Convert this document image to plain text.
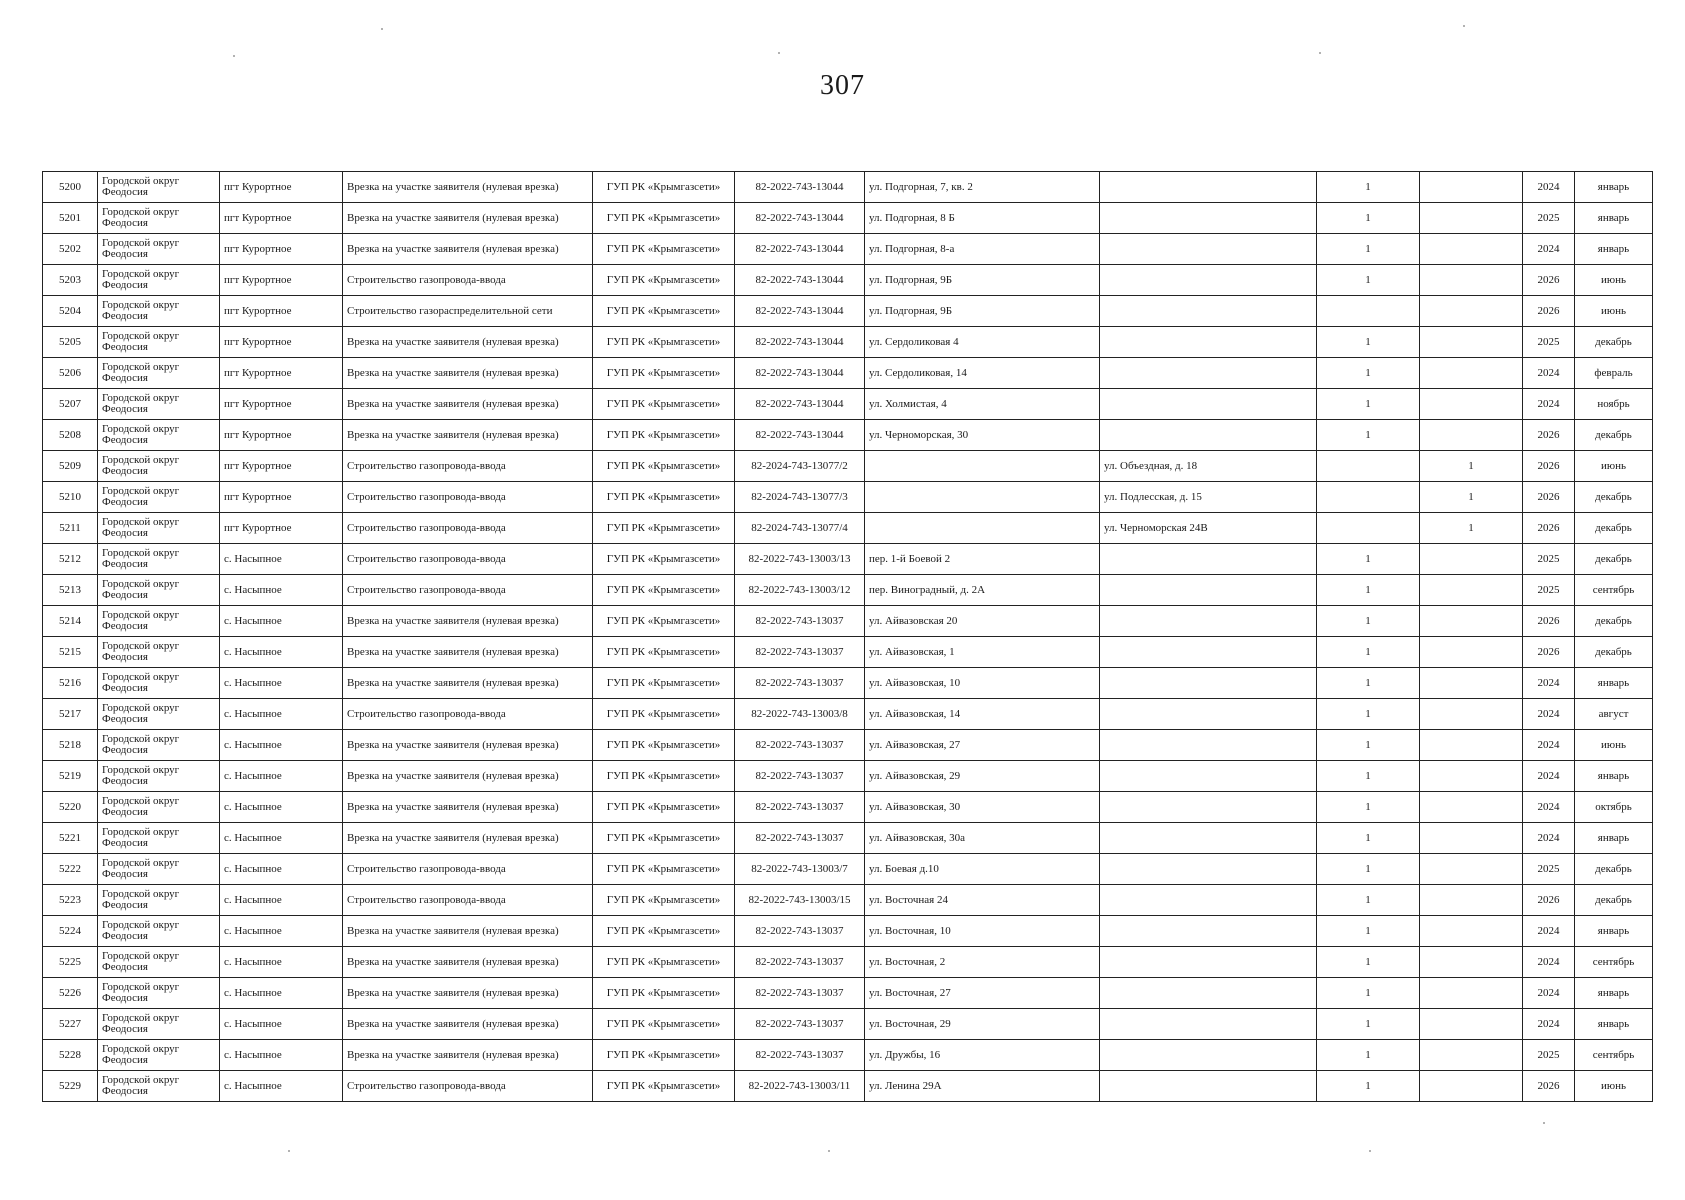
307
5200	Городской округ Феодосия	пгт Курортное	Врезка на участке заявителя (нулевая врезка)	ГУП РК «Крымгазсети»	82-2022-743-13044	ул. Подгорная, 7, кв. 2		1		2024	январь
5201	Городской округ Феодосия	пгт Курортное	Врезка на участке заявителя (нулевая врезка)	ГУП РК «Крымгазсети»	82-2022-743-13044	ул. Подгорная, 8 Б		1		2025	январь
5202	Городской округ Феодосия	пгт Курортное	Врезка на участке заявителя (нулевая врезка)	ГУП РК «Крымгазсети»	82-2022-743-13044	ул. Подгорная, 8-а		1		2024	январь
5203	Городской округ Феодосия	пгт Курортное	Строительство газопровода-ввода	ГУП РК «Крымгазсети»	82-2022-743-13044	ул. Подгорная, 9Б		1		2026	июнь
5204	Городской округ Феодосия	пгт Курортное	Строительство газораспределительной сети	ГУП РК «Крымгазсети»	82-2022-743-13044	ул. Подгорная, 9Б				2026	июнь
5205	Городской округ Феодосия	пгт Курортное	Врезка на участке заявителя (нулевая врезка)	ГУП РК «Крымгазсети»	82-2022-743-13044	ул. Сердоликовая 4		1		2025	декабрь
5206	Городской округ Феодосия	пгт Курортное	Врезка на участке заявителя (нулевая врезка)	ГУП РК «Крымгазсети»	82-2022-743-13044	ул. Сердоликовая, 14		1		2024	февраль
5207	Городской округ Феодосия	пгт Курортное	Врезка на участке заявителя (нулевая врезка)	ГУП РК «Крымгазсети»	82-2022-743-13044	ул. Холмистая, 4		1		2024	ноябрь
5208	Городской округ Феодосия	пгт Курортное	Врезка на участке заявителя (нулевая врезка)	ГУП РК «Крымгазсети»	82-2022-743-13044	ул. Черноморская, 30		1		2026	декабрь
5209	Городской округ Феодосия	пгт Курортное	Строительство газопровода-ввода	ГУП РК «Крымгазсети»	82-2024-743-13077/2		ул. Объездная, д. 18		1	2026	июнь
5210	Городской округ Феодосия	пгт Курортное	Строительство газопровода-ввода	ГУП РК «Крымгазсети»	82-2024-743-13077/3		ул. Подлесская, д. 15		1	2026	декабрь
5211	Городской округ Феодосия	пгт Курортное	Строительство газопровода-ввода	ГУП РК «Крымгазсети»	82-2024-743-13077/4		ул. Черноморская 24В		1	2026	декабрь
5212	Городской округ Феодосия	с. Насыпное	Строительство газопровода-ввода	ГУП РК «Крымгазсети»	82-2022-743-13003/13	пер. 1-й Боевой 2		1		2025	декабрь
5213	Городской округ Феодосия	с. Насыпное	Строительство газопровода-ввода	ГУП РК «Крымгазсети»	82-2022-743-13003/12	пер. Виноградный, д. 2А		1		2025	сентябрь
5214	Городской округ Феодосия	с. Насыпное	Врезка на участке заявителя (нулевая врезка)	ГУП РК «Крымгазсети»	82-2022-743-13037	ул. Айвазовская 20		1		2026	декабрь
5215	Городской округ Феодосия	с. Насыпное	Врезка на участке заявителя (нулевая врезка)	ГУП РК «Крымгазсети»	82-2022-743-13037	ул. Айвазовская, 1		1		2026	декабрь
5216	Городской округ Феодосия	с. Насыпное	Врезка на участке заявителя (нулевая врезка)	ГУП РК «Крымгазсети»	82-2022-743-13037	ул. Айвазовская, 10		1		2024	январь
5217	Городской округ Феодосия	с. Насыпное	Строительство газопровода-ввода	ГУП РК «Крымгазсети»	82-2022-743-13003/8	ул. Айвазовская, 14		1		2024	август
5218	Городской округ Феодосия	с. Насыпное	Врезка на участке заявителя (нулевая врезка)	ГУП РК «Крымгазсети»	82-2022-743-13037	ул. Айвазовская, 27		1		2024	июнь
5219	Городской округ Феодосия	с. Насыпное	Врезка на участке заявителя (нулевая врезка)	ГУП РК «Крымгазсети»	82-2022-743-13037	ул. Айвазовская, 29		1		2024	январь
5220	Городской округ Феодосия	с. Насыпное	Врезка на участке заявителя (нулевая врезка)	ГУП РК «Крымгазсети»	82-2022-743-13037	ул. Айвазовская, 30		1		2024	октябрь
5221	Городской округ Феодосия	с. Насыпное	Врезка на участке заявителя (нулевая врезка)	ГУП РК «Крымгазсети»	82-2022-743-13037	ул. Айвазовская, 30а		1		2024	январь
5222	Городской округ Феодосия	с. Насыпное	Строительство газопровода-ввода	ГУП РК «Крымгазсети»	82-2022-743-13003/7	ул. Боевая д.10		1		2025	декабрь
5223	Городской округ Феодосия	с. Насыпное	Строительство газопровода-ввода	ГУП РК «Крымгазсети»	82-2022-743-13003/15	ул. Восточная 24		1		2026	декабрь
5224	Городской округ Феодосия	с. Насыпное	Врезка на участке заявителя (нулевая врезка)	ГУП РК «Крымгазсети»	82-2022-743-13037	ул. Восточная, 10		1		2024	январь
5225	Городской округ Феодосия	с. Насыпное	Врезка на участке заявителя (нулевая врезка)	ГУП РК «Крымгазсети»	82-2022-743-13037	ул. Восточная, 2		1		2024	сентябрь
5226	Городской округ Феодосия	с. Насыпное	Врезка на участке заявителя (нулевая врезка)	ГУП РК «Крымгазсети»	82-2022-743-13037	ул. Восточная, 27		1		2024	январь
5227	Городской округ Феодосия	с. Насыпное	Врезка на участке заявителя (нулевая врезка)	ГУП РК «Крымгазсети»	82-2022-743-13037	ул. Восточная, 29		1		2024	январь
5228	Городской округ Феодосия	с. Насыпное	Врезка на участке заявителя (нулевая врезка)	ГУП РК «Крымгазсети»	82-2022-743-13037	ул. Дружбы, 16		1		2025	сентябрь
5229	Городской округ Феодосия	с. Насыпное	Строительство газопровода-ввода	ГУП РК «Крымгазсети»	82-2022-743-13003/11	ул. Ленина 29А		1		2026	июнь
